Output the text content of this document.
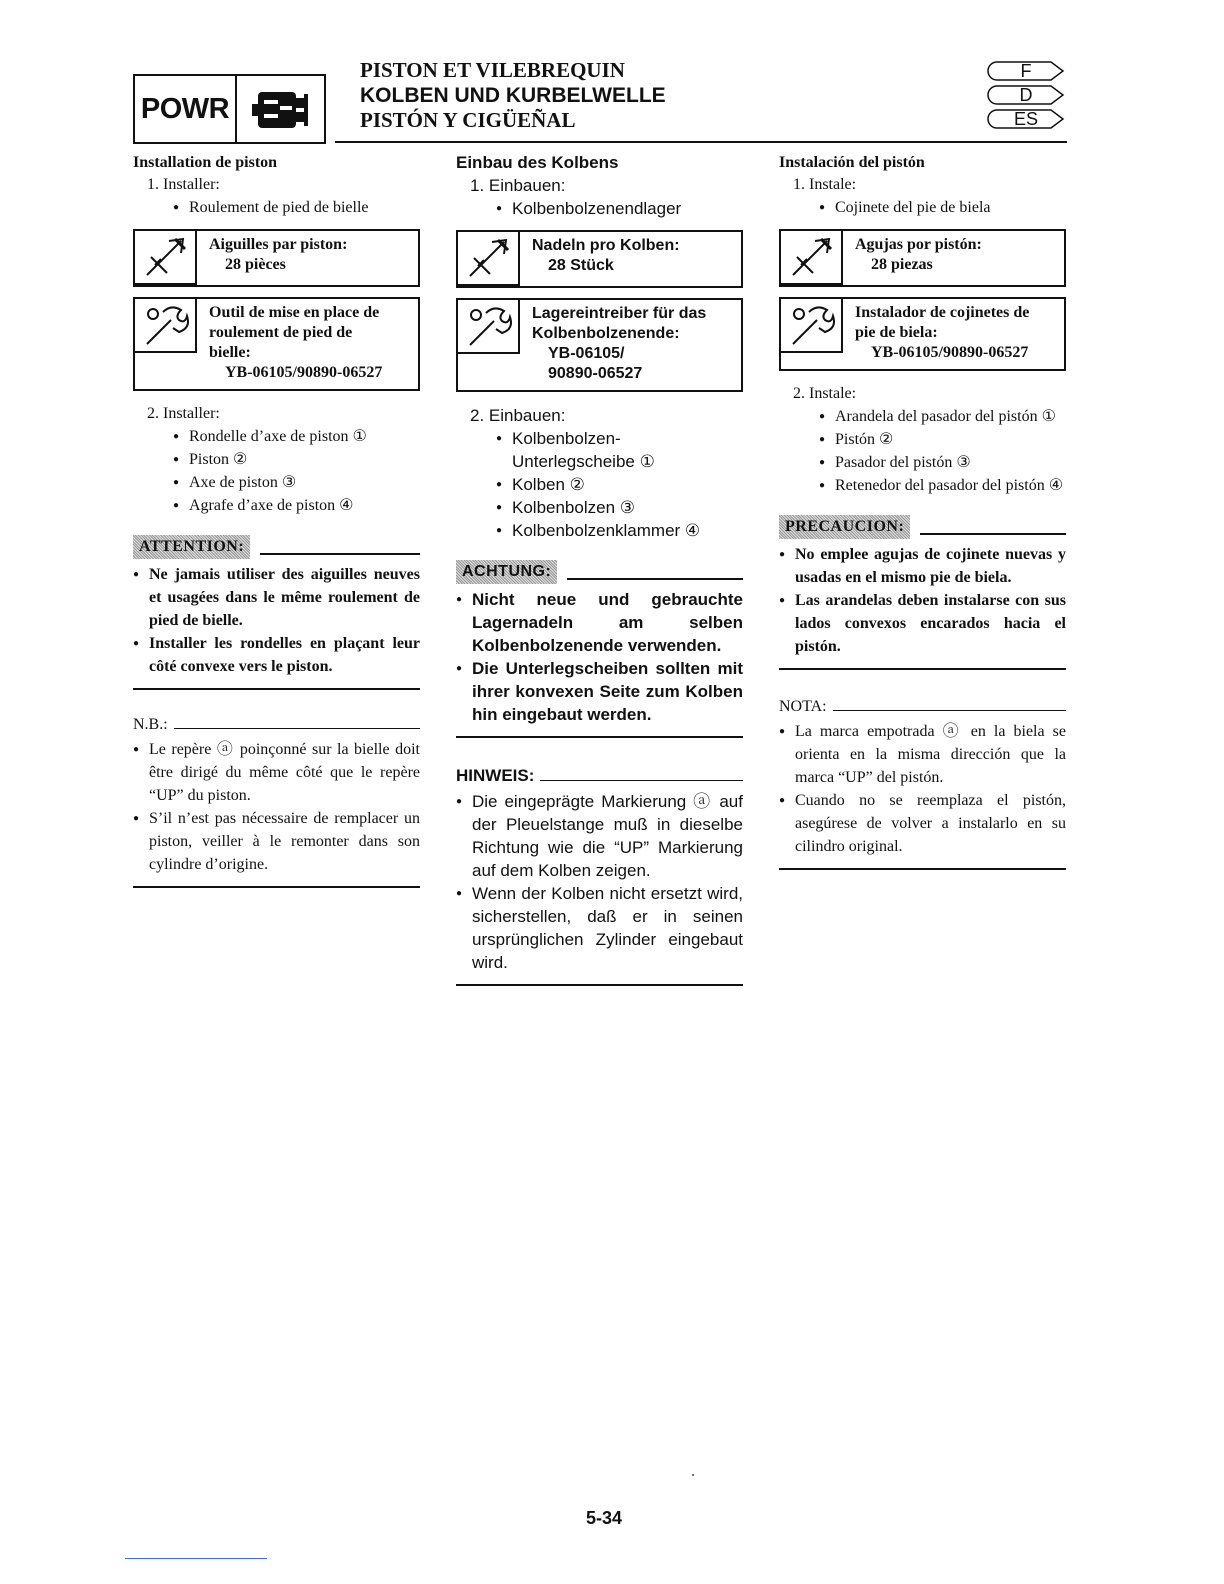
POWR
PISTON ET VILEBREQUIN
KOLBEN UND KURBELWELLE
PISTÓN Y CIGÜEÑAL
F
D
ES

Installation de piston

1. Installer:
● Roulement de pied de bielle
Aiguilles par piston:
28 pièces
Outil de mise en place de
roulement de pied de
bielle:
YB-06105/90890-06527
2. Installer:
● Rondelle d’axe de piston ①
● Piston ②
● Axe de piston ③
● Agrafe d’axe de piston ④
ATTENTION:
● Ne jamais utiliser des aiguilles neuves et usagées dans le même roulement de pied de bielle.
● Installer les rondelles en plaçant leur côté convexe vers le piston.
N.B.:
● Le repère ⓐ poinçonné sur la bielle doit être dirigé du même côté que le repère “UP” du piston.
● S’il n’est pas nécessaire de remplacer un piston, veiller à le remonter dans son cylindre d’origine.

Einbau des Kolbens

1. Einbauen:
● Kolbenbolzenendlager
Nadeln pro Kolben:
28 Stück
Lagereintreiber für das
Kolbenbolzenende:
YB-06105/
90890-06527
2. Einbauen:
● Kolbenbolzen-Unterlegscheibe ①
● Kolben ②
● Kolbenbolzen ③
● Kolbenbolzenklammer ④
ACHTUNG:
● Nicht neue und gebrauchte Lagernadeln am selben Kolbenbolzenende verwenden.
● Die Unterlegscheiben sollten mit ihrer konvexen Seite zum Kolben hin eingebaut werden.
HINWEIS:
● Die eingeprägte Markierung ⓐ auf der Pleuelstange muß in dieselbe Richtung wie die “UP” Markierung auf dem Kolben zeigen.
● Wenn der Kolben nicht ersetzt wird, sicherstellen, daß er in seinen ursprünglichen Zylinder eingebaut wird.

Instalación del pistón

1. Instale:
● Cojinete del pie de biela
Agujas por pistón:
28 piezas
Instalador de cojinetes de
pie de biela:
YB-06105/90890-06527
2. Instale:
● Arandela del pasador del pistón ①
● Pistón ②
● Pasador del pistón ③
● Retenedor del pasador del pistón ④
PRECAUCION:
● No emplee agujas de cojinete nuevas y usadas en el mismo pie de biela.
● Las arandelas deben instalarse con sus lados convexos encarados hacia el pistón.
NOTA:
● La marca empotrada ⓐ en la biela se orienta en la misma dirección que la marca “UP” del pistón.
● Cuando no se reemplaza el pistón, asegúrese de volver a instalarlo en su cilindro original.
5-34
